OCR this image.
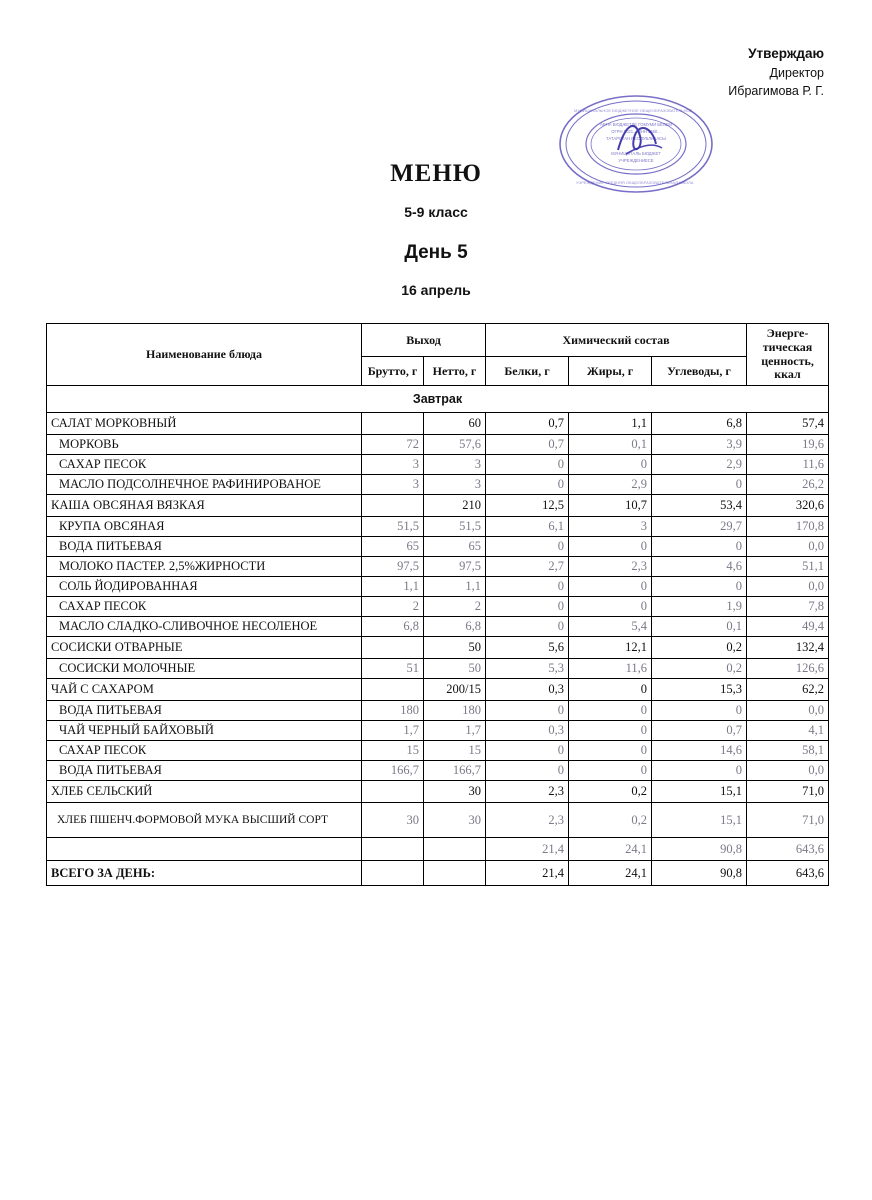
Утверждаю
Директор
Ибрагимова Р. Г.
АРНА БЮДЖЕТЛЕ ГОМУМИ БЕЛЕМ
ОГРН 1021... ИНН 1650...
ТАТАРСТАН РЕСПУБЛИКАСЫ
МУНИЦИПАЛЬ БЮДЖЕТ
УЧРЕЖДЕНИЕСЕ
МУНИЦИПАЛЬНОЕ БЮДЖЕТНОЕ ОБЩЕОБРАЗОВАТЕЛЬНОЕ
УЧРЕЖДЕНИЕ СРЕДНЯЯ ОБЩЕОБРАЗОВАТЕЛЬНАЯ ШКОЛА
МЕНЮ
5-9 класс
День 5
16 апрель
Наименование блюда	Выход		Химический состав			Энерге-тическая ценность, ккал
	Брутто, г	Нетто, г	Белки, г	Жиры, г	Углеводы, г	
Завтрак						
САЛАТ МОРКОВНЫЙ		60	0,7	1,1	6,8	57,4
МОРКОВЬ	72	57,6	0,7	0,1	3,9	19,6
САХАР ПЕСОК	3	3	0	0	2,9	11,6
МАСЛО ПОДСОЛНЕЧНОЕ РАФИНИРОВАНОЕ	3	3	0	2,9	0	26,2
КАША ОВСЯНАЯ ВЯЗКАЯ		210	12,5	10,7	53,4	320,6
КРУПА ОВСЯНАЯ	51,5	51,5	6,1	3	29,7	170,8
ВОДА ПИТЬЕВАЯ	65	65	0	0	0	0,0
МОЛОКО ПАСТЕР. 2,5%ЖИРНОСТИ	97,5	97,5	2,7	2,3	4,6	51,1
СОЛЬ ЙОДИРОВАННАЯ	1,1	1,1	0	0	0	0,0
САХАР ПЕСОК	2	2	0	0	1,9	7,8
МАСЛО СЛАДКО-СЛИВОЧНОЕ НЕСОЛЕНОЕ	6,8	6,8	0	5,4	0,1	49,4
СОСИСКИ ОТВАРНЫЕ		50	5,6	12,1	0,2	132,4
СОСИСКИ МОЛОЧНЫЕ	51	50	5,3	11,6	0,2	126,6
ЧАЙ С САХАРОМ		200/15	0,3	0	15,3	62,2
ВОДА ПИТЬЕВАЯ	180	180	0	0	0	0,0
ЧАЙ ЧЕРНЫЙ БАЙХОВЫЙ	1,7	1,7	0,3	0	0,7	4,1
САХАР ПЕСОК	15	15	0	0	14,6	58,1
ВОДА ПИТЬЕВАЯ	166,7	166,7	0	0	0	0,0
ХЛЕБ СЕЛЬСКИЙ		30	2,3	0,2	15,1	71,0
ХЛЕБ ПШЕНЧ.ФОРМОВОЙ МУКА ВЫСШИЙ СОРТ	30	30	2,3	0,2	15,1	71,0
			21,4	24,1	90,8	643,6
ВСЕГО ЗА ДЕНЬ:			21,4	24,1	90,8	643,6
